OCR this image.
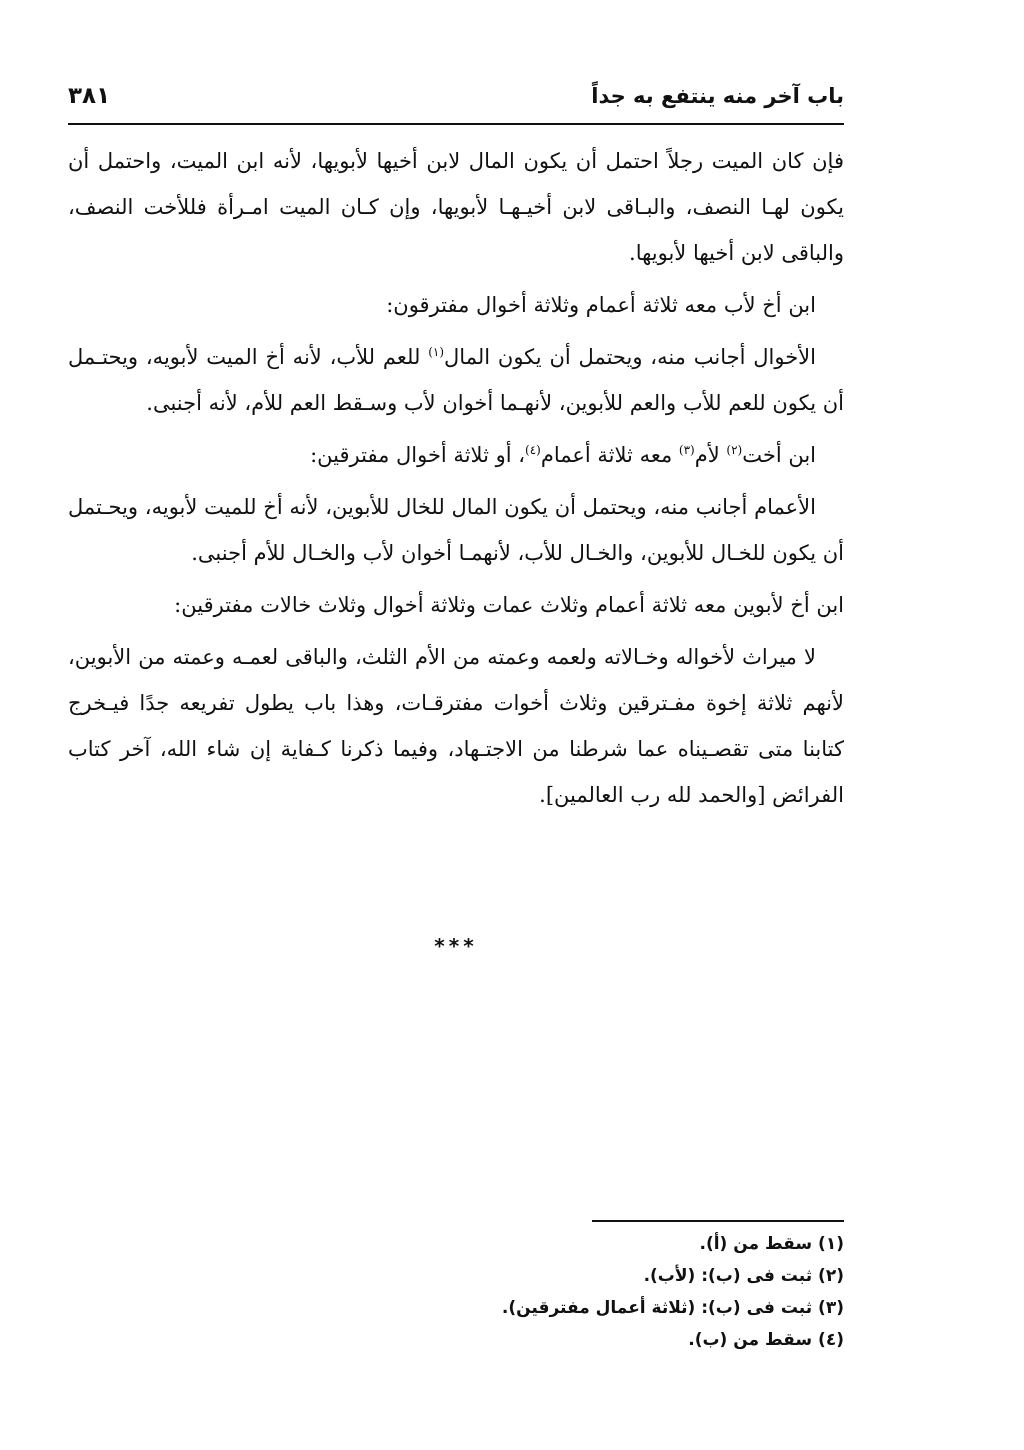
باب آخر منه ينتفع به جداً
٣٨١

فإن كان الميت رجلاً احتمل أن يكون المال لابن أخيها لأبويها، لأنه ابن الميت، واحتمل أن يكون لهـا النصف، والبـاقى لابن أخيـهـا لأبويها، وإن كـان الميت امـرأة فللأخت النصف، والباقى لابن أخيها لأبويها.

ابن أخ لأب معه ثلاثة أعمام وثلاثة أخوال مفترقون:

الأخوال أجانب منه، ويحتمل أن يكون المال$^{(١)}$ للعم للأب، لأنه أخ الميت لأبويه، ويحتـمل أن يكون للعم للأب والعم للأبوين، لأنهـما أخوان لأب وسـقط العم للأم، لأنه أجنبى.

ابن أخت$^{(٢)}$ لأم$^{(٣)}$ معه ثلاثة أعمام$^{(٤)}$، أو ثلاثة أخوال مفترقين:

الأعمام أجانب منه، ويحتمل أن يكون المال للخال للأبوين، لأنه أخ للميت لأبويه، ويحـتمل أن يكون للخـال للأبوين، والخـال للأب، لأنهمـا أخوان لأب والخـال للأم أجنبى.

ابن أخ لأبوين معه ثلاثة أعمام وثلاث عمات وثلاثة أخوال وثلاث خالات مفترقين:

لا ميراث لأخواله وخـالاته ولعمه وعمته من الأم الثلث، والباقى لعمـه وعمته من الأبوين، لأنهم ثلاثة إخوة مفـترقين وثلاث أخوات مفترقـات، وهذا باب يطول تفريعه جدًا فيـخرج كتابنا متى تقصـيناه عما شرطنا من الاجتـهاد، وفيما ذكرنا كـفاية إن شاء الله، آخر كتاب الفرائض [والحمد لله رب العالمين].

***

(١) سقط من (أ).

(٢) ثبت فى (ب): (لأب).

(٣) ثبت فى (ب): (ثلاثة أعمال مفترقين).

(٤) سقط من (ب).
